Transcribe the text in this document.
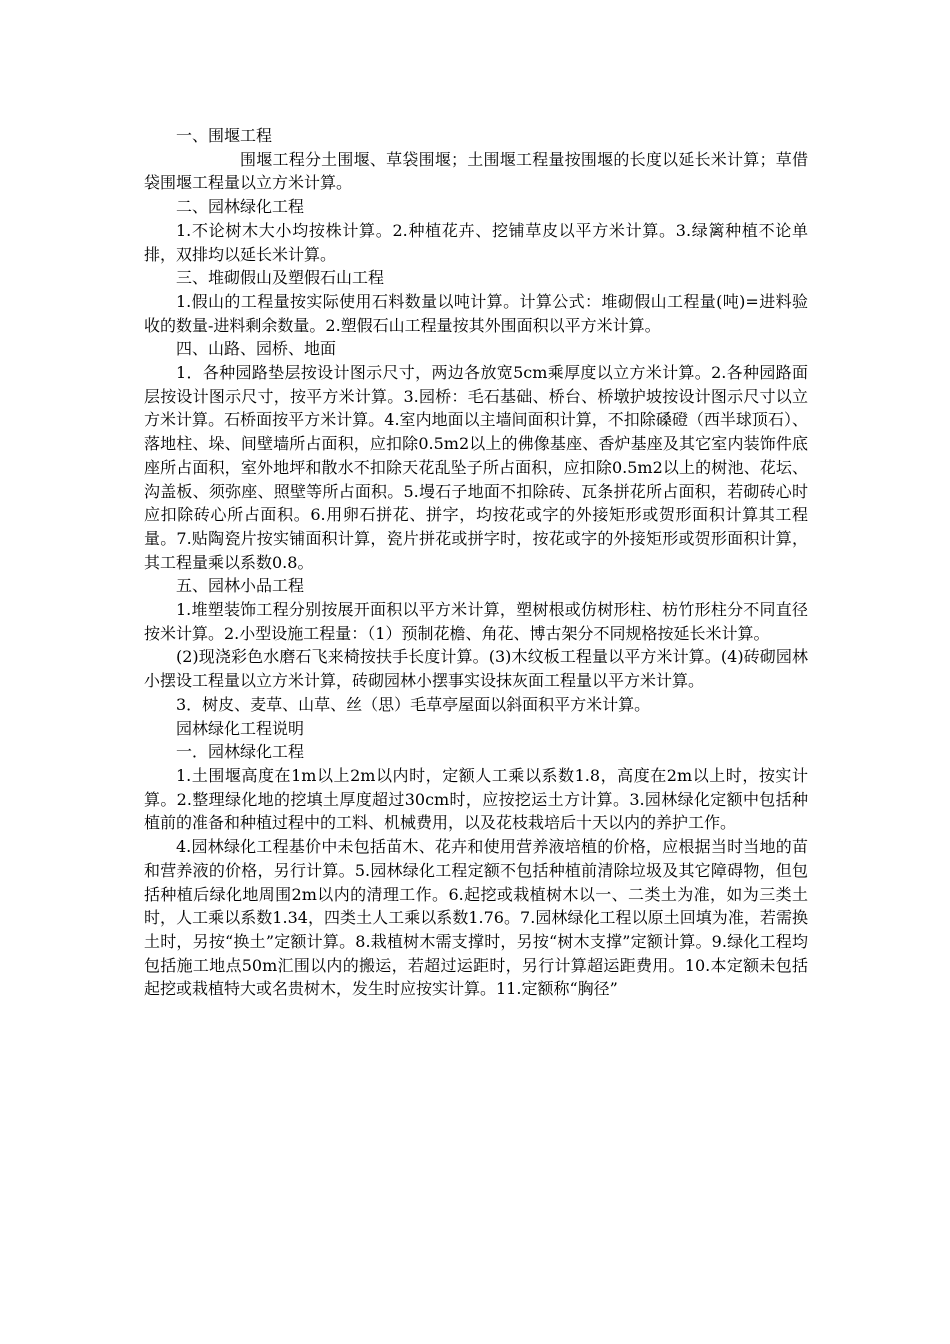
一、围堰工程

围堰工程分土围堰、草袋围堰；土围堰工程量按围堰的长度以延长米计算；草借袋围堰工程量以立方米计算。

二、园林绿化工程

1.不论树木大小均按株计算。2.种植花卉、挖铺草皮以平方米计算。3.绿篱种植不论单排，双排均以延长米计算。

三、堆砌假山及塑假石山工程

1.假山的工程量按实际使用石料数量以吨计算。计算公式：堆砌假山工程量(吨)=进料验收的数量-进料剩余数量。2.塑假石山工程量按其外围面积以平方米计算。

四、山路、园桥、地面

1．各种园路垫层按设计图示尺寸，两边各放宽5cm乘厚度以立方米计算。2.各种园路面层按设计图示尺寸，按平方米计算。3.园桥：毛石基础、桥台、桥墩护坡按设计图示尺寸以立方米计算。石桥面按平方米计算。4.室内地面以主墙间面积计算，不扣除磉磴（西半球顶石）、落地柱、垛、间壁墙所占面积，应扣除0.5m2以上的佛像基座、香炉基座及其它室内装饰件底座所占面积，室外地坪和散水不扣除天花乱坠子所占面积，应扣除0.5m2以上的树池、花坛、沟盖板、须弥座、照壁等所占面积。5.墁石子地面不扣除砖、瓦条拼花所占面积，若砌砖心时应扣除砖心所占面积。6.用卵石拼花、拼字，均按花或字的外接矩形或贺形面积计算其工程量。7.贴陶瓷片按实铺面积计算，瓷片拼花或拼字时，按花或字的外接矩形或贺形面积计算，其工程量乘以系数0.8。

五、园林小品工程

1.堆塑装饰工程分别按展开面积以平方米计算，塑树根或仿树形柱、枋竹形柱分不同直径按米计算。2.小型设施工程量：（1）预制花檐、角花、博古架分不同规格按延长米计算。

(2)现浇彩色水磨石飞来椅按扶手长度计算。(3)木纹板工程量以平方米计算。(4)砖砌园林小摆设工程量以立方米计算，砖砌园林小摆事实设抹灰面工程量以平方米计算。

3．树皮、麦草、山草、丝（思）毛草亭屋面以斜面积平方米计算。

园林绿化工程说明

一．园林绿化工程

1.土围堰高度在1m以上2m以内时，定额人工乘以系数1.8，高度在2m以上时，按实计算。2.整理绿化地的挖填土厚度超过30cm时，应按挖运土方计算。3.园林绿化定额中包括种植前的准备和种植过程中的工料、机械费用，以及花枝栽培后十天以内的养护工作。

4.园林绿化工程基价中未包括苗木、花卉和使用营养液培植的价格，应根据当时当地的苗和营养液的价格，另行计算。5.园林绿化工程定额不包括种植前清除垃圾及其它障碍物，但包括种植后绿化地周围2m以内的清理工作。6.起挖或栽植树木以一、二类土为准，如为三类土时，人工乘以系数1.34，四类土人工乘以系数1.76。7.园林绿化工程以原土回填为准，若需换土时，另按“换土”定额计算。8.栽植树木需支撑时，另按“树木支撑”定额计算。9.绿化工程均包括施工地点50m汇围以内的搬运，若超过运距时，另行计算超运距费用。10.本定额未包括起挖或栽植特大或名贵树木，发生时应按实计算。11.定额称“胸径”
